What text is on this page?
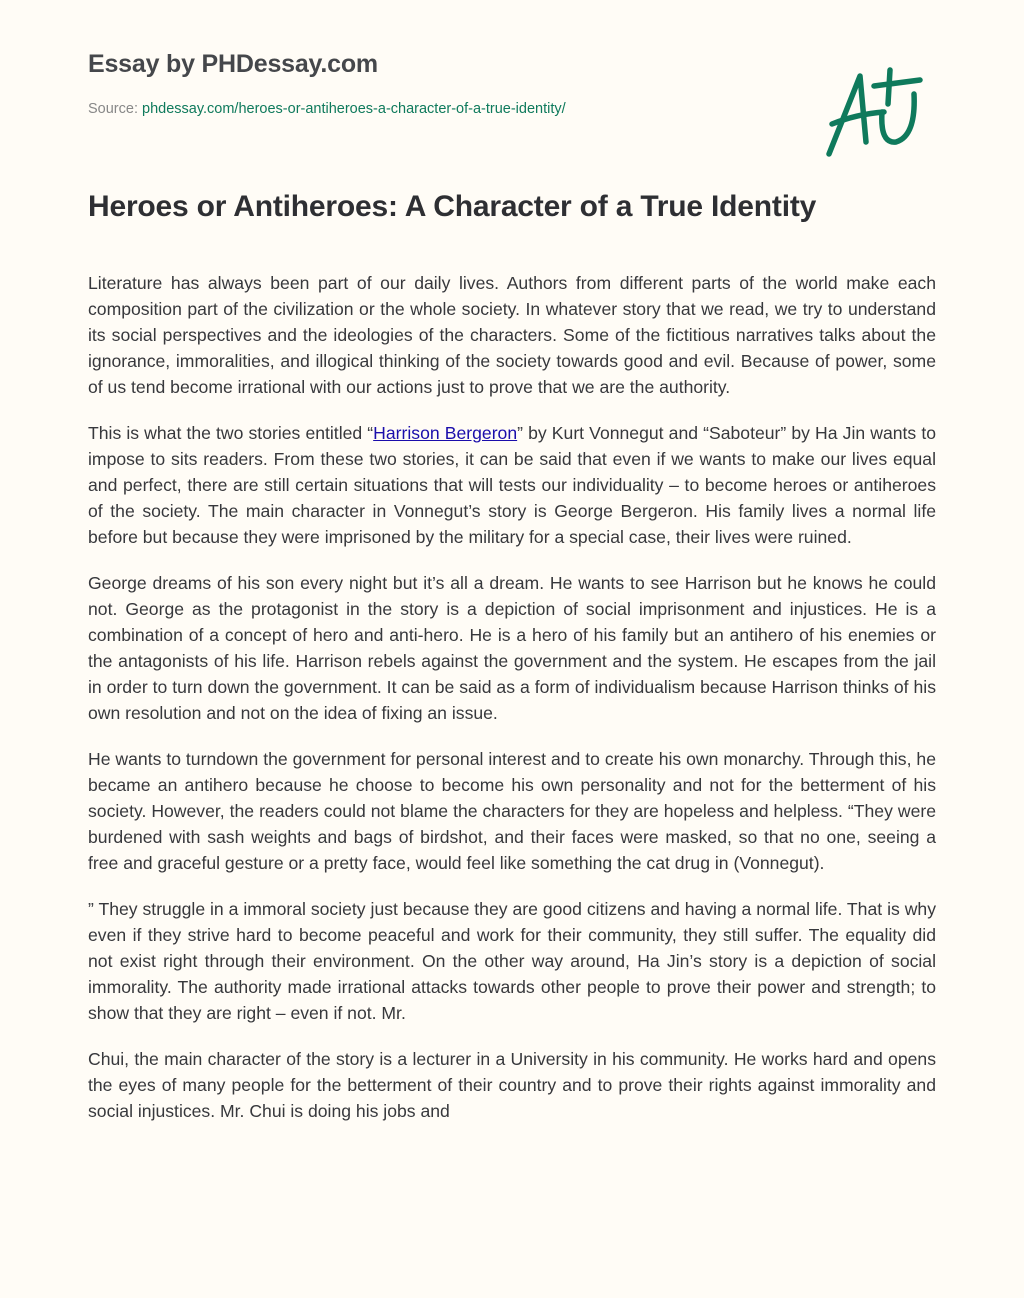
Essay by PHDessay.com
Source: phdessay.com/heroes-or-antiheroes-a-character-of-a-true-identity/
Heroes or Antiheroes: A Character of a True Identity

Literature has always been part of our daily lives. Authors from different parts of the world make each composition part of the civilization or the whole society. In whatever story that we read, we try to understand its social perspectives and the ideologies of the characters. Some of the fictitious narratives talks about the ignorance, immoralities, and illogical thinking of the society towards good and evil. Because of power, some of us tend become irrational with our actions just to prove that we are the authority.

This is what the two stories entitled “Harrison Bergeron” by Kurt Vonnegut and “Saboteur” by Ha Jin wants to impose to sits readers. From these two stories, it can be said that even if we wants to make our lives equal and perfect, there are still certain situations that will tests our individuality – to become heroes or antiheroes of the society. The main character in Vonnegut’s story is George Bergeron. His family lives a normal life before but because they were imprisoned by the military for a special case, their lives were ruined.

George dreams of his son every night but it’s all a dream. He wants to see Harrison but he knows he could not. George as the protagonist in the story is a depiction of social imprisonment and injustices. He is a combination of a concept of hero and anti-hero. He is a hero of his family but an antihero of his enemies or the antagonists of his life. Harrison rebels against the government and the system. He escapes from the jail in order to turn down the government. It can be said as a form of individualism because Harrison thinks of his own resolution and not on the idea of fixing an issue.

He wants to turndown the government for personal interest and to create his own monarchy. Through this, he became an antihero because he choose to become his own personality and not for the betterment of his society. However, the readers could not blame the characters for they are hopeless and helpless. “They were burdened with sash weights and bags of birdshot, and their faces were masked, so that no one, seeing a free and graceful gesture or a pretty face, would feel like something the cat drug in (Vonnegut).

” They struggle in a immoral society just because they are good citizens and having a normal life. That is why even if they strive hard to become peaceful and work for their community, they still suffer. The equality did not exist right through their environment. On the other way around, Ha Jin’s story is a depiction of social immorality. The authority made irrational attacks towards other people to prove their power and strength; to show that they are right – even if not. Mr.

Chui, the main character of the story is a lecturer in a University in his community. He works hard and opens the eyes of many people for the betterment of their country and to prove their rights against immorality and social injustices. Mr. Chui is doing his jobs and
